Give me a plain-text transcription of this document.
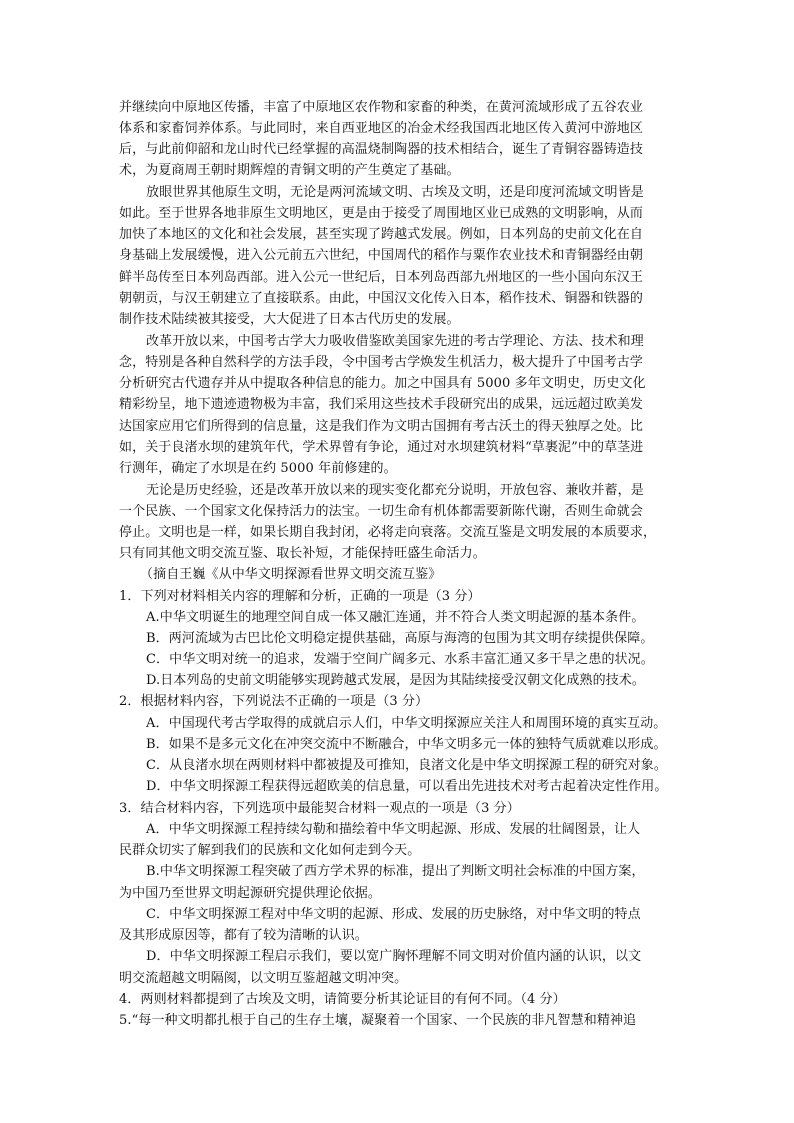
并继续向中原地区传播，丰富了中原地区农作物和家畜的种类，在黄河流域形成了五谷农业
体系和家畜饲养体系。与此同时，来自西亚地区的冶金术经我国西北地区传入黄河中游地区
后，与此前仰韶和龙山时代已经掌握的高温烧制陶器的技术相结合，诞生了青铜容器铸造技
术，为夏商周王朝时期辉煌的青铜文明的产生奠定了基础。
放眼世界其他原生文明，无论是两河流域文明、古埃及文明，还是印度河流域文明皆是
如此。至于世界各地非原生文明地区，更是由于接受了周围地区业已成熟的文明影响，从而
加快了本地区的文化和社会发展，甚至实现了跨越式发展。例如，日本列岛的史前文化在自
身基础上发展缓慢，进入公元前五六世纪，中国周代的稻作与粟作农业技术和青铜器经由朝
鲜半岛传至日本列岛西部。进入公元一世纪后，日本列岛西部九州地区的一些小国向东汉王
朝朝贡，与汉王朝建立了直接联系。由此，中国汉文化传入日本，稻作技术、铜器和铁器的
制作技术陆续被其接受，大大促进了日本古代历史的发展。
改革开放以来，中国考古学大力吸收借鉴欧美国家先进的考古学理论、方法、技术和理
念，特别是各种自然科学的方法手段，令中国考古学焕发生机活力，极大提升了中国考古学
分析研究古代遗存并从中提取各种信息的能力。加之中国具有 5000 多年文明史，历史文化
精彩纷呈，地下遗迹遗物极为丰富，我们采用这些技术手段研究出的成果，远远超过欧美发
达国家应用它们所得到的信息量，这是我们作为文明古国拥有考古沃土的得天独厚之处。比
如，关于良渚水坝的建筑年代，学术界曾有争论，通过对水坝建筑材料“草裹泥”中的草茎进
行测年，确定了水坝是在约 5000 年前修建的。
无论是历史经验，还是改革开放以来的现实变化都充分说明，开放包容、兼收并蓄，是
一个民族、一个国家文化保持活力的法宝。一切生命有机体都需要新陈代谢，否则生命就会
停止。文明也是一样，如果长期自我封闭，必将走向衰落。交流互鉴是文明发展的本质要求，
只有同其他文明交流互鉴、取长补短，才能保持旺盛生命活力。
（摘自王巍《从中华文明探源看世界文明交流互鉴》
1．下列对材料相关内容的理解和分析，正确的一项是（3 分）
A.中华文明诞生的地理空间自成一体又融汇连通，并不符合人类文明起源的基本条件。
B．两河流域为古巴比伦文明稳定提供基础，高原与海湾的包围为其文明存续提供保障。
C．中华文明对统一的追求，发端于空间广阔多元、水系丰富汇通又多干旱之患的状况。
D.日本列岛的史前文明能够实现跨越式发展，是因为其陆续接受汉朝文化成熟的技术。
2．根据材料内容，下列说法不正确的一项是（3 分）
A．中国现代考古学取得的成就启示人们，中华文明探源应关注人和周围环境的真实互动。
B．如果不是多元文化在冲突交流中不断融合，中华文明多元一体的独特气质就难以形成。
C．从良渚水坝在两则材料中都被提及可推知，良渚文化是中华文明探源工程的研究对象。
D．中华文明探源工程获得远超欧美的信息量，可以看出先进技术对考古起着决定性作用。
3．结合材料内容，下列选项中最能契合材料一观点的一项是（3 分）
A．中华文明探源工程持续勾勒和描绘着中华文明起源、形成、发展的壮阔图景，让人
民群众切实了解到我们的民族和文化如何走到今天。
B.中华文明探源工程突破了西方学术界的标准，提出了判断文明社会标准的中国方案，
为中国乃至世界文明起源研究提供理论依据。
C．中华文明探源工程对中华文明的起源、形成、发展的历史脉络，对中华文明的特点
及其形成原因等，都有了较为清晰的认识。
D．中华文明探源工程启示我们，要以宽广胸怀理解不同文明对价值内涵的认识，以文
明交流超越文明隔阂，以文明互鉴超越文明冲突。
4．两则材料都提到了古埃及文明，请简要分析其论证目的有何不同。（4 分）
5.“每一种文明都扎根于自己的生存土壤，凝聚着一个国家、一个民族的非凡智慧和精神追
